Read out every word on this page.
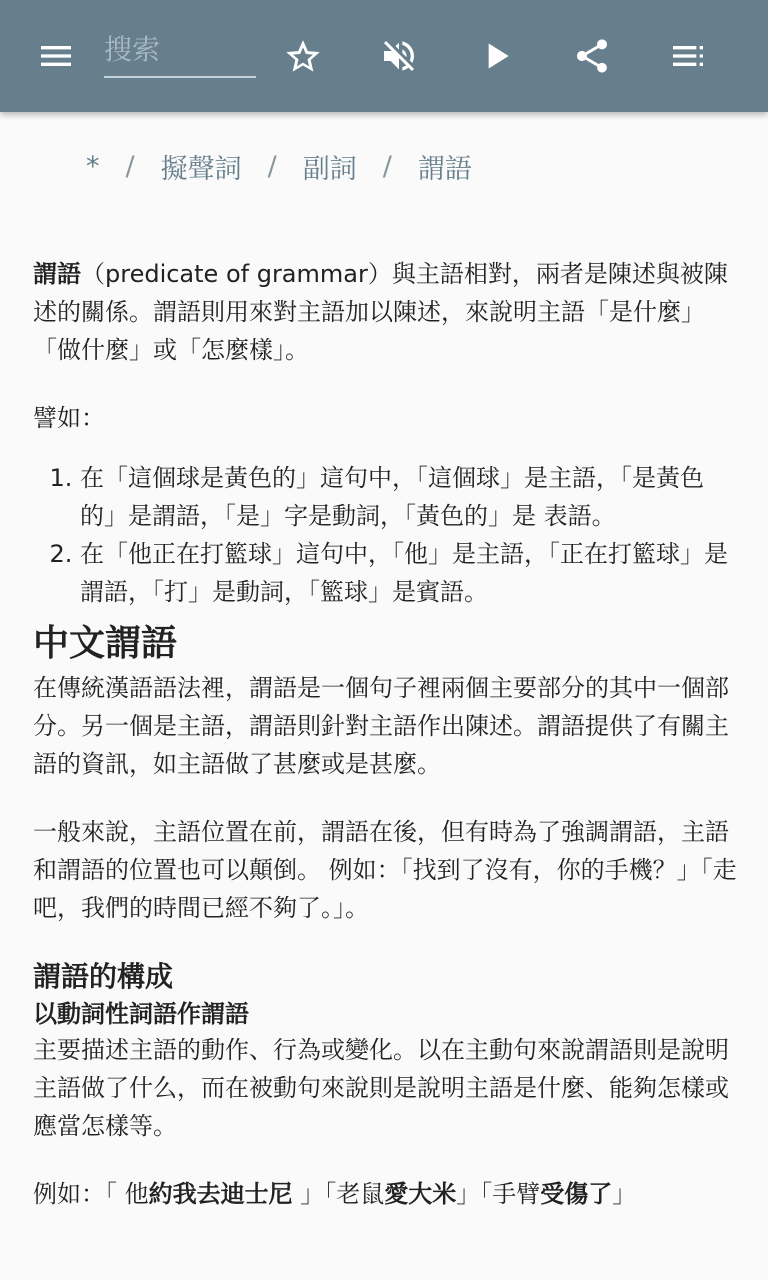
搜索
* / 擬聲詞 / 副詞 / 謂語

謂語（predicate of grammar）與主語相對，兩者是陳述與被陳述的關係。謂語則用來對主語加以陳述，來說明主語「是什麼」「做什麼」或「怎麼樣」。

譬如：

1. 在「這個球是黃色的」這句中，「這個球」是主語，「是黃色的」是謂語，「是」字是動詞，「黃色的」是 表語。
2. 在「他正在打籃球」這句中，「他」是主語，「正在打籃球」是謂語，「打」是動詞，「籃球」是賓語。
中文謂語

在傳統漢語語法裡，謂語是一個句子裡兩個主要部分的其中一個部分。另一個是主語，謂語則針對主語作出陳述。謂語提供了有關主語的資訊，如主語做了甚麼或是甚麼。

一般來說，主語位置在前，謂語在後，但有時為了強調謂語，主語和謂語的位置也可以顛倒。 例如：「找到了沒有，你的手機？」「走吧，我們的時間已經不夠了。」。

謂語的構成
以動詞性詞語作謂語

主要描述主語的動作、行為或變化。以在主動句來說謂語則是說明主語做了什么，而在被動句來說則是說明主語是什麼、能夠怎樣或應當怎樣等。

例如：「 他約我去迪士尼 」「老鼠愛大米」「手臂受傷了」
